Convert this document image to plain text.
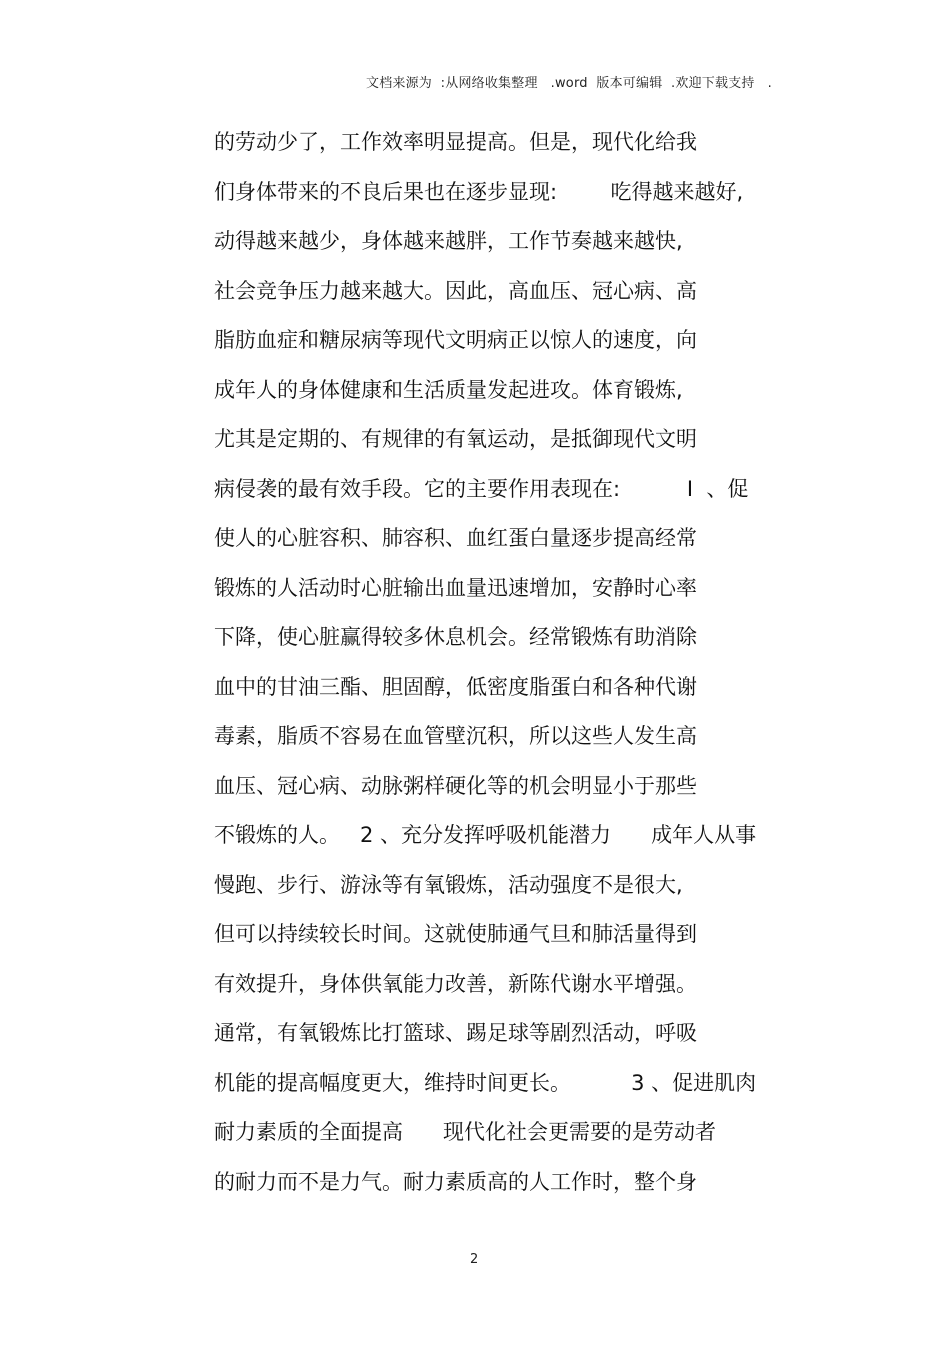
文档来源为  :从网络收集整理   .word  版本可编辑  .欢迎下载支持   .
的劳动少了，工作效率明显提高。但是，现代化给我
们身体带来的不良后果也在逐步显现:        吃得越来越好,
动得越来越少，身体越来越胖，工作节奏越来越快,
社会竞争压力越来越大。因此，高血压、冠心病、高
脂肪血症和糖尿病等现代文明病正以惊人的速度，向
成年人的身体健康和生活质量发起进攻。体育锻炼,
尤其是定期的、有规律的有氧运动，是抵御现代文明
病侵袭的最有效手段。它的主要作用表现在:          I  、促
使人的心脏容积、肺容积、血红蛋白量逐步提高经常
锻炼的人活动时心脏输出血量迅速增加，安静时心率
下降，使心脏赢得较多休息机会。经常锻炼有助消除
血中的甘油三酯、胆固醇，低密度脂蛋白和各种代谢
毒素，脂质不容易在血管壁沉积，所以这些人发生高
血压、冠心病、动脉粥样硬化等的机会明显小于那些
不锻炼的人。   2 、充分发挥呼吸机能潜力      成年人从事
慢跑、步行、游泳等有氧锻炼，活动强度不是很大,
但可以持续较长时间。这就使肺通气旦和肺活量得到
有效提升，身体供氧能力改善，新陈代谢水平增强。
通常，有氧锻炼比打篮球、踢足球等剧烈活动，呼吸
机能的提高幅度更大，维持时间更长。         3 、促进肌肉
耐力素质的全面提高      现代化社会更需要的是劳动者
的耐力而不是力气。耐力素质高的人工作时，整个身
2
